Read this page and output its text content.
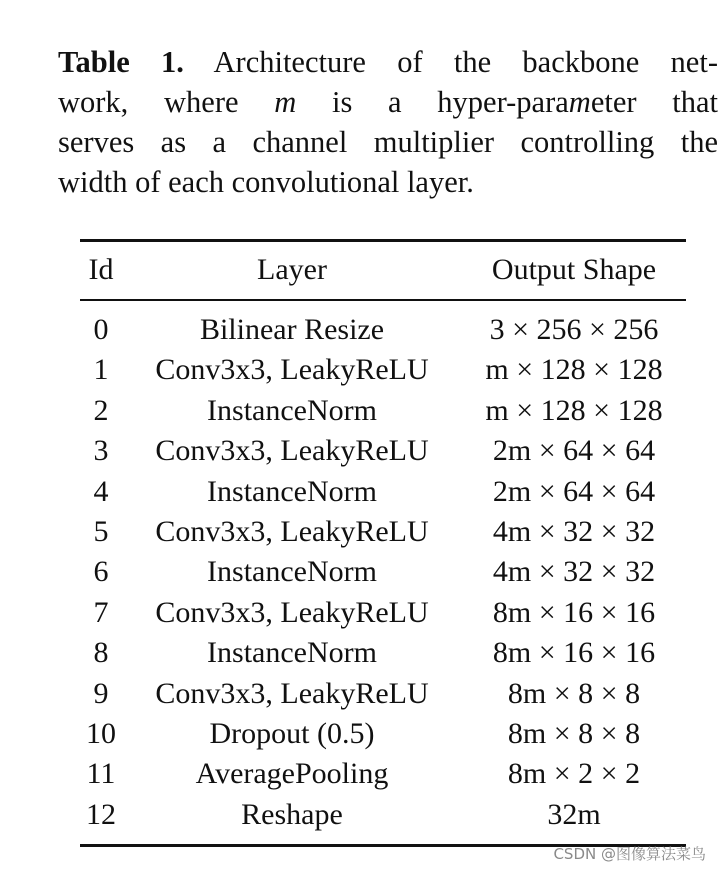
Table 1. Architecture of the backbone net-
work, where m is a hyper-parameter that
serves as a channel multiplier controlling the
width of each convolutional layer.
Id	Layer	Output Shape
0	Bilinear Resize	3 × 256 × 256
1	Conv3x3, LeakyReLU	m × 128 × 128
2	InstanceNorm	m × 128 × 128
3	Conv3x3, LeakyReLU	2m × 64 × 64
4	InstanceNorm	2m × 64 × 64
5	Conv3x3, LeakyReLU	4m × 32 × 32
6	InstanceNorm	4m × 32 × 32
7	Conv3x3, LeakyReLU	8m × 16 × 16
8	InstanceNorm	8m × 16 × 16
9	Conv3x3, LeakyReLU	8m × 8 × 8
10	Dropout (0.5)	8m × 8 × 8
11	AveragePooling	8m × 2 × 2
12	Reshape	32m
CSDN @图像算法菜鸟
